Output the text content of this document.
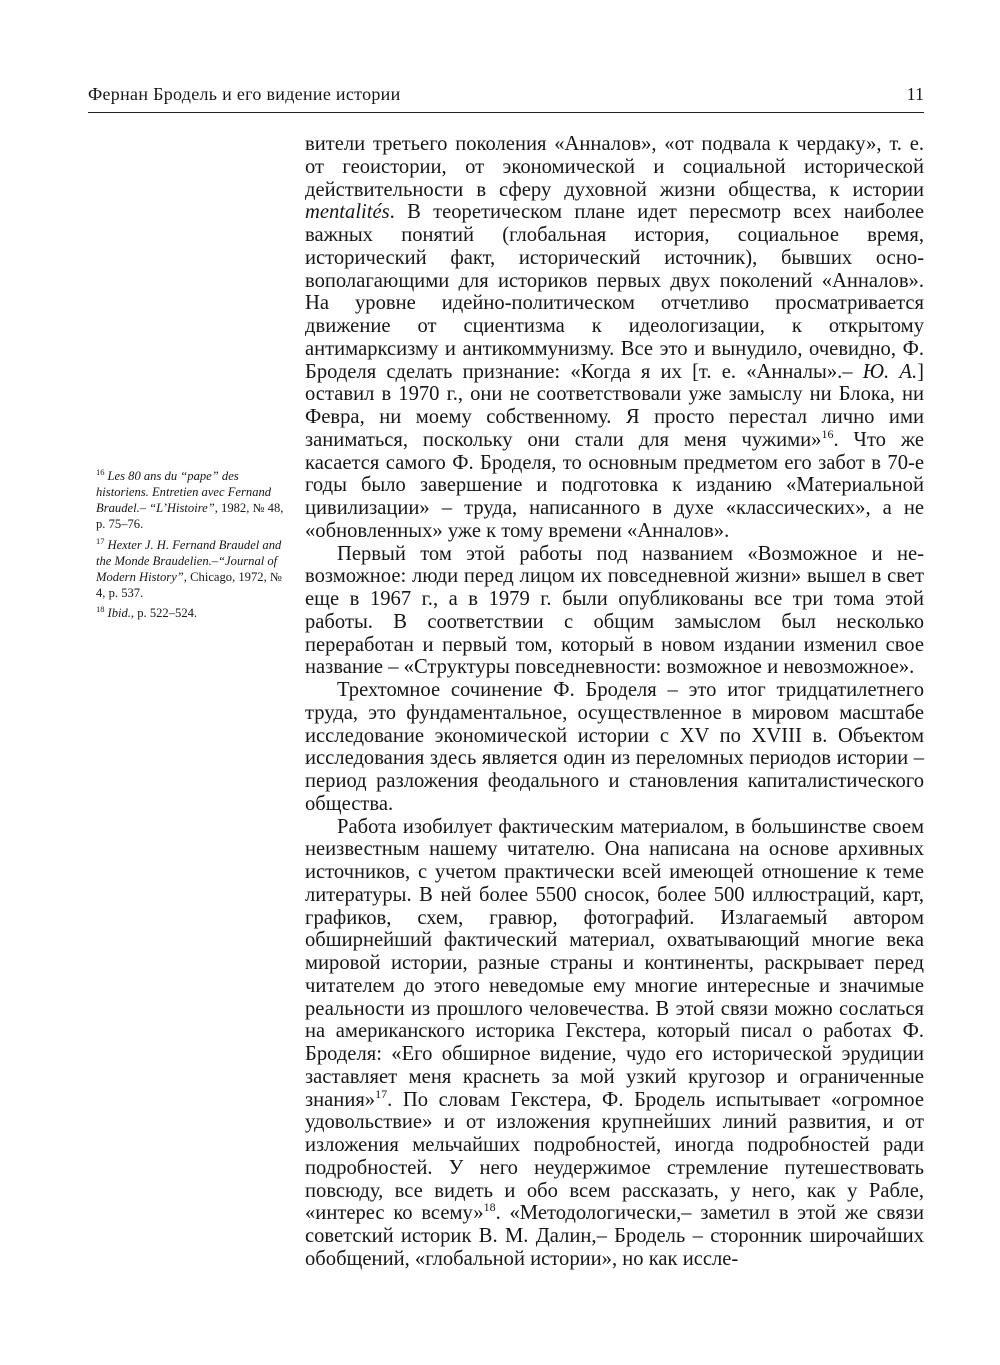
Фернан Бродель и его видение истории	11

$^{16}$ Les 80 ans du “pape” des historiens. Entretien avec Fernand Braudel.– “L’Histoire”, 1982, № 48, p. 75–76.

$^{17}$ Hexter J. H. Fernand Braudel and the Monde Braudelien.–“Journal of Modern History”, Chicago, 1972, № 4, p. 537.

$^{18}$ Ibid., p. 522–524.

вители третьего поколения «Анналов», «от подвала к чердаку», т. е. от геоистории, от экономической и социальной исторической действительности в сферу духовной жизни общества, к истории mentalités. В теоретическом плане идет пересмотр всех наиболее важных понятий (глобальная история, социальное время, исторический факт, исторический источник), бывших основополагающими для историков первых двух поколений «Анналов». На уровне идейно-политическом отчетливо просматривается движение от сциентизма к идеологизации, к открытому антимарксизму и антикоммунизму. Все это и вынудило, очевидно, Ф. Броделя сделать признание: «Когда я их [т. е. «Анналы».– Ю. А.] оставил в 1970 г., они не соответствовали уже замыслу ни Блока, ни Февра, ни моему собственному. Я просто перестал лично ими заниматься, поскольку они стали для меня чужими»$^{16}$. Что же касается самого Ф. Броделя, то основным предметом его забот в 70-е годы было завершение и подготовка к изданию «Материальной цивилизации» – труда, написанного в духе «классических», а не «обновленных» уже к тому времени «Анналов».

Первый том этой работы под названием «Возможное и невозможное: люди перед лицом их повседневной жизни» вышел в свет еще в 1967 г., а в 1979 г. были опубликованы все три тома этой работы. В соответствии с общим замыслом был несколько переработан и первый том, который в новом издании изменил свое название – «Структуры повседневности: возможное и невозможное».

Трехтомное сочинение Ф. Броделя – это итог тридцатилетнего труда, это фундаментальное, осуществленное в мировом масштабе исследование экономической истории с XV по XVIII в. Объектом исследования здесь является один из переломных периодов истории – период разложения феодального и становления капиталистического общества.

Работа изобилует фактическим материалом, в большинстве своем неизвестным нашему читателю. Она написана на основе архивных источников, с учетом практически всей имеющей отношение к теме литературы. В ней более 5500 сносок, более 500 иллюстраций, карт, графиков, схем, гравюр, фотографий. Излагаемый автором обширнейший фактический материал, охватывающий многие века мировой истории, разные страны и континенты, раскрывает перед читателем до этого неведомые ему многие интересные и значимые реальности из прошлого человечества. В этой связи можно сослаться на американского историка Гекстера, который писал о работах Ф. Броделя: «Его обширное видение, чудо его исторической эрудиции заставляет меня краснеть за мой узкий кругозор и ограниченные знания»$^{17}$. По словам Гекстера, Ф. Бродель испытывает «огромное удовольствие» и от изложения крупнейших линий развития, и от изложения мельчайших подробностей, иногда подробностей ради подробностей. У него неудержимое стремление путешествовать повсюду, все видеть и обо всем рассказать, у него, как у Рабле, «интерес ко всему»$^{18}$. «Методологически,– заметил в этой же связи советский историк В. М. Далин,– Бродель – сторонник широчайших обобщений, «глобальной истории», но как иссле-
